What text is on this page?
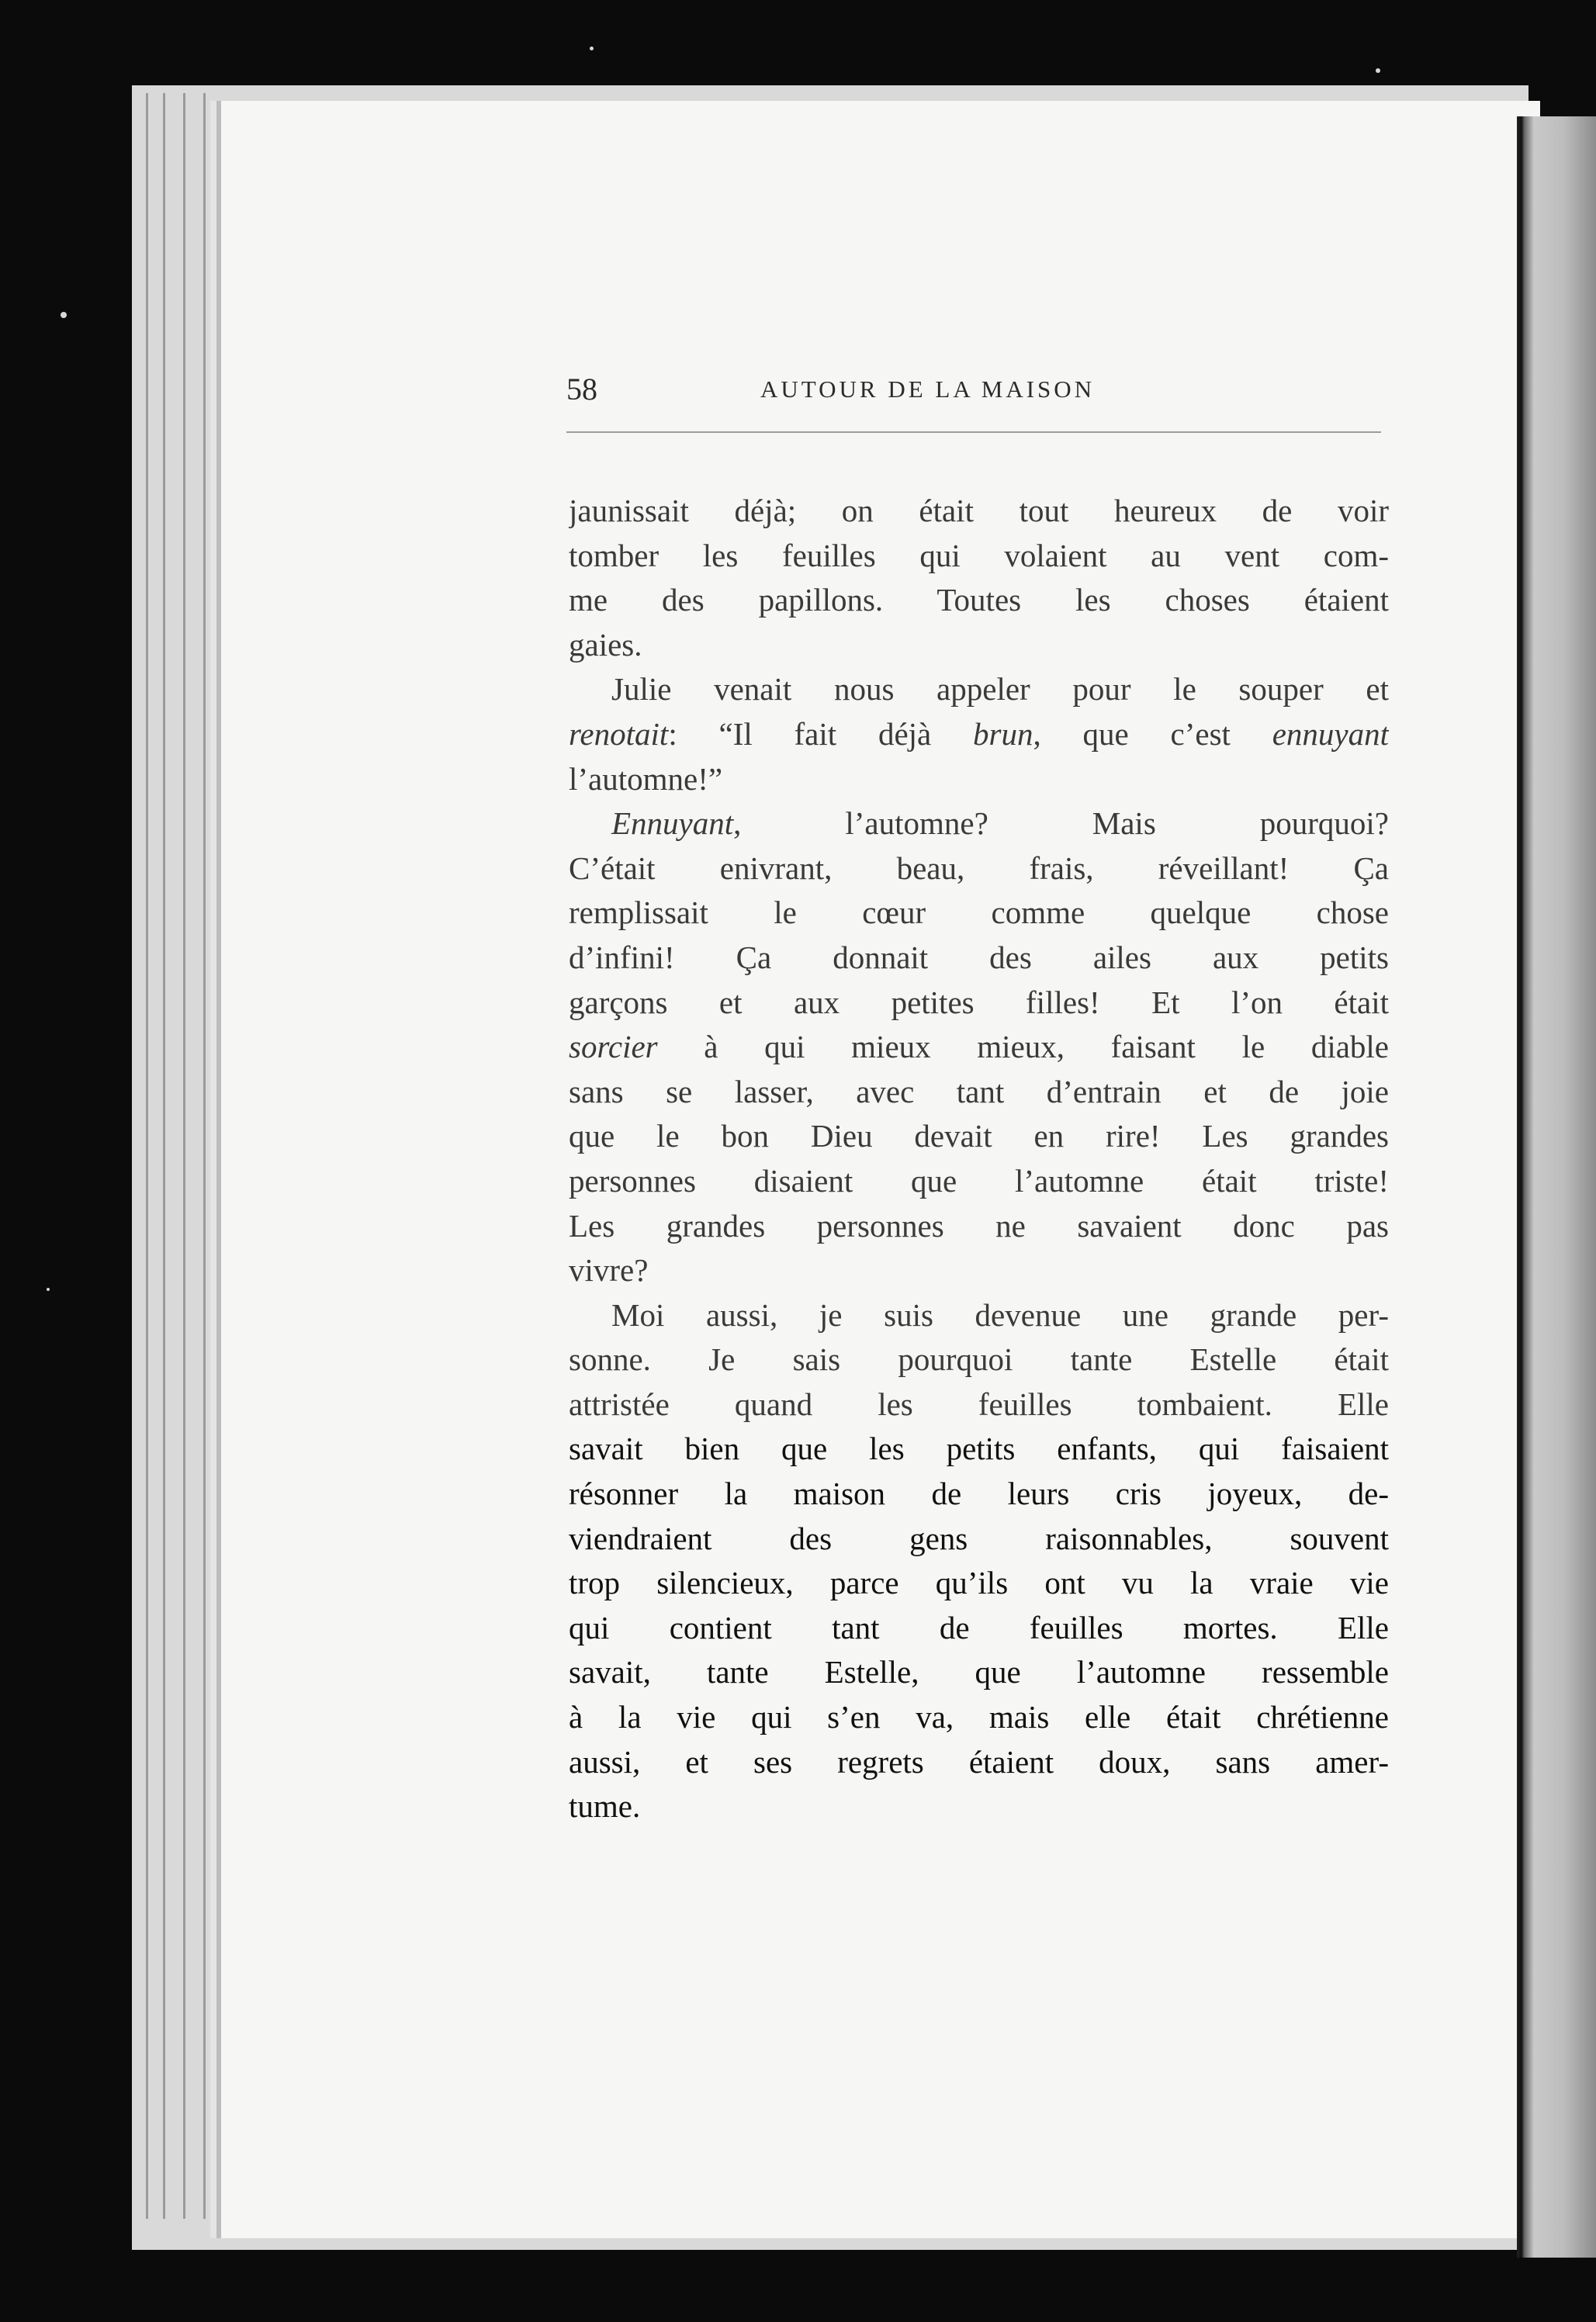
58	AUTOUR DE LA MAISON
jaunissait déjà; on était tout heureux de voir
tomber les feuilles qui volaient au vent com-
me des papillons. Toutes les choses étaient
gaies.
Julie venait nous appeler pour le souper et
renotait: “Il fait déjà brun, que c’est ennuyant
l’automne!”
Ennuyant, l’automne? Mais pourquoi?
C’était enivrant, beau, frais, réveillant! Ça
remplissait le cœur comme quelque chose
d’infini! Ça donnait des ailes aux petits
garçons et aux petites filles! Et l’on était
sorcier à qui mieux mieux, faisant le diable
sans se lasser, avec tant d’entrain et de joie
que le bon Dieu devait en rire! Les grandes
personnes disaient que l’automne était triste!
Les grandes personnes ne savaient donc pas
vivre?
Moi aussi, je suis devenue une grande per-
sonne. Je sais pourquoi tante Estelle était
attristée quand les feuilles tombaient. Elle
savait bien que les petits enfants, qui faisaient
résonner la maison de leurs cris joyeux, de-
viendraient des gens raisonnables, souvent
trop silencieux, parce qu’ils ont vu la vraie vie
qui contient tant de feuilles mortes. Elle
savait, tante Estelle, que l’automne ressemble
à la vie qui s’en va, mais elle était chrétienne
aussi, et ses regrets étaient doux, sans amer-
tume.
